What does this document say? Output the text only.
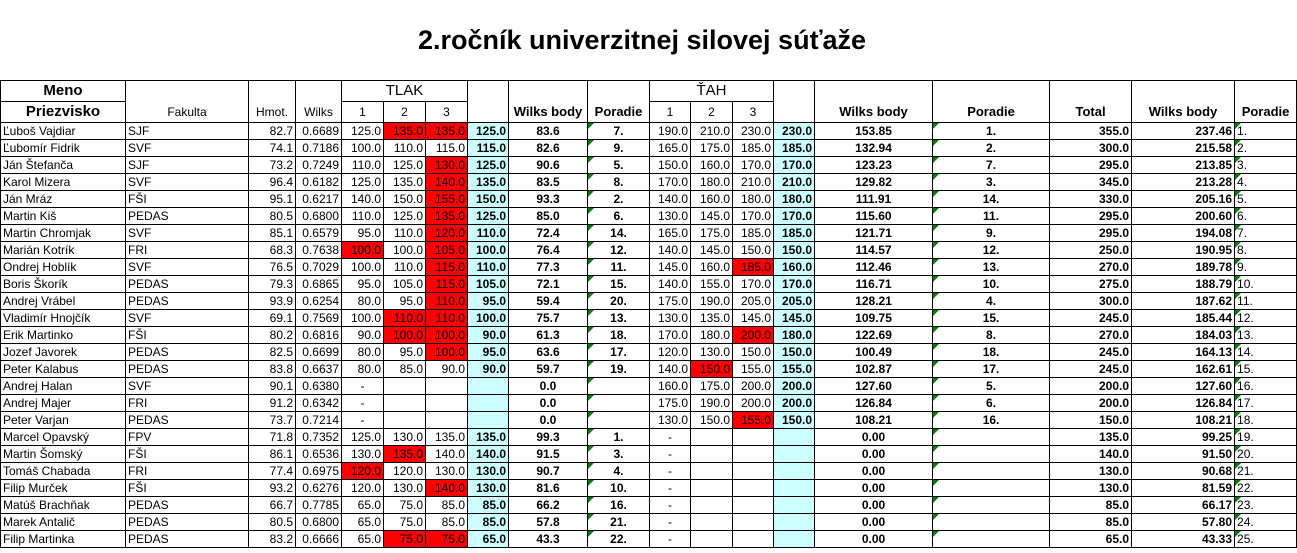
2.ročník univerzitnej silovej súťaže
Meno				TLAK						ŤAH								
Priezvisko	Fakulta	Hmot.	Wilks	1	2	3		Wilks body	Poradie	1	2	3		Wilks body	Poradie	Total	Wilks body	Poradie
Ľuboš Vajdiar	SJF	82.7	0.6689	125.0	135.0	135.0	125.0	83.6	7.	190.0	210.0	230.0	230.0	153.85	1.	355.0	237.46	1.
Ľubomír Fidrik	SVF	74.1	0.7186	100.0	110.0	115.0	115.0	82.6	9.	165.0	175.0	185.0	185.0	132.94	2.	300.0	215.58	2.
Ján Štefanča	SJF	73.2	0.7249	110.0	125.0	130.0	125.0	90.6	5.	150.0	160.0	170.0	170.0	123.23	7.	295.0	213.85	3.
Karol Mizera	SVF	96.4	0.6182	125.0	135.0	140.0	135.0	83.5	8.	170.0	180.0	210.0	210.0	129.82	3.	345.0	213.28	4.
Ján Mráz	FŠI	95.1	0.6217	140.0	150.0	155.0	150.0	93.3	2.	140.0	160.0	180.0	180.0	111.91	14.	330.0	205.16	5.
Martin Kiš	PEDAS	80.5	0.6800	110.0	125.0	135.0	125.0	85.0	6.	130.0	145.0	170.0	170.0	115.60	11.	295.0	200.60	6.
Martin Chromjak	SVF	85.1	0.6579	95.0	110.0	120.0	110.0	72.4	14.	165.0	175.0	185.0	185.0	121.71	9.	295.0	194.08	7.
Marián Kotrík	FRI	68.3	0.7638	100.0	100.0	105.0	100.0	76.4	12.	140.0	145.0	150.0	150.0	114.57	12.	250.0	190.95	8.
Ondrej Hoblík	SVF	76.5	0.7029	100.0	110.0	115.0	110.0	77.3	11.	145.0	160.0	185.0	160.0	112.46	13.	270.0	189.78	9.
Boris Škorík	PEDAS	79.3	0.6865	95.0	105.0	115.0	105.0	72.1	15.	140.0	155.0	170.0	170.0	116.71	10.	275.0	188.79	10.
Andrej Vrábel	PEDAS	93.9	0.6254	80.0	95.0	110.0	95.0	59.4	20.	175.0	190.0	205.0	205.0	128.21	4.	300.0	187.62	11.
Vladimír Hnojčík	SVF	69.1	0.7569	100.0	110.0	110.0	100.0	75.7	13.	130.0	135.0	145.0	145.0	109.75	15.	245.0	185.44	12.
Erik Martinko	FŠI	80.2	0.6816	90.0	100.0	100.0	90.0	61.3	18.	170.0	180.0	200.0	180.0	122.69	8.	270.0	184.03	13.
Jozef Javorek	PEDAS	82.5	0.6699	80.0	95.0	100.0	95.0	63.6	17.	120.0	130.0	150.0	150.0	100.49	18.	245.0	164.13	14.
Peter Kalabus	PEDAS	83.8	0.6637	80.0	85.0	90.0	90.0	59.7	19.	140.0	150.0	155.0	155.0	102.87	17.	245.0	162.61	15.
Andrej Halan	SVF	90.1	0.6380	-				0.0		160.0	175.0	200.0	200.0	127.60	5.	200.0	127.60	16.
Andrej Majer	FRI	91.2	0.6342	-				0.0		175.0	190.0	200.0	200.0	126.84	6.	200.0	126.84	17.
Peter Varjan	PEDAS	73.7	0.7214	-				0.0		130.0	150.0	155.0	150.0	108.21	16.	150.0	108.21	18.
Marcel Opavský	FPV	71.8	0.7352	125.0	130.0	135.0	135.0	99.3	1.	-				0.00		135.0	99.25	19.
Martin Šomský	FŠI	86.1	0.6536	130.0	135.0	140.0	140.0	91.5	3.	-				0.00		140.0	91.50	20.
Tomáš Chabada	FRI	77.4	0.6975	120.0	120.0	130.0	130.0	90.7	4.	-				0.00		130.0	90.68	21.
Filip Murček	FŠI	93.2	0.6276	120.0	130.0	140.0	130.0	81.6	10.	-				0.00		130.0	81.59	22.
Matúš Brachňak	PEDAS	66.7	0.7785	65.0	75.0	85.0	85.0	66.2	16.	-				0.00		85.0	66.17	23.
Marek Antalič	PEDAS	80.5	0.6800	65.0	75.0	85.0	85.0	57.8	21.	-				0.00		85.0	57.80	24.
Filip Martinka	PEDAS	83.2	0.6666	65.0	75.0	75.0	65.0	43.3	22.	-				0.00		65.0	43.33	25.
